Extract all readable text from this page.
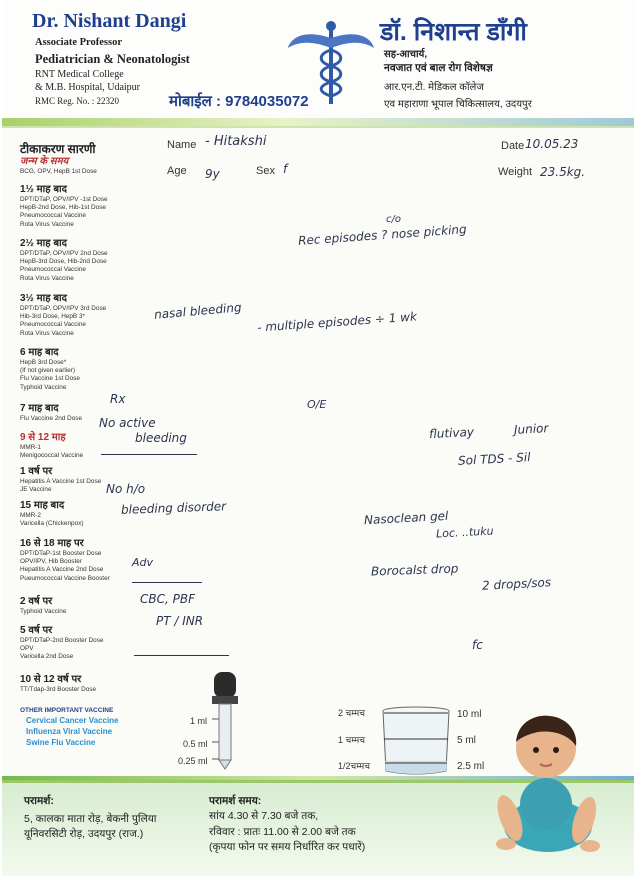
Dr. Nishant Dangi
Associate Professor
Pediatrician & Neonatologist
RNT Medical College
& M.B. Hospital, Udaipur
RMC Reg. No. : 22320	मोबाईल : 9784035072
डॉ. निशान्त डाँगी
सह-आचार्य,
नवजात एवं बाल रोग विशेषज्ञ
आर.एन.टी. मेडिकल कॉलेज
एव महाराणा भूपाल चिकित्सालय, उदयपुर
टीकाकरण सारणी
जन्म के समय
BCG, OPV, HepB 1st Dose
1½ माह बाद
DPT/DTaP, OPV/IPV -1st Dose
HepB-2nd Dose, Hib-1st Dose
Pneumococcal Vaccine
Rota Virus Vaccine
2½ माह बाद
DPT/DTaP, OPV/IPV 2nd Dose
HepB-3rd Dose, Hib-2nd Dose
Pneumococcal Vaccine
Rota Virus Vaccine
3½ माह बाद
DPT/DTaP, OPV/IPV 3rd Dose
Hib-3rd Dose, HepB 3*
Pneumococcal Vaccine
Rota Virus Vaccine
6 माह बाद
HepB 3rd Dose*
(If not given earlier)
Flu Vaccine 1st Dose
Typhoid Vaccine
7 माह बाद
Flu Vaccine 2nd Dose
9 से 12 माह
MMR-1
Menigococcal Vaccine
1 वर्ष पर
Hepatitis A Vaccine 1st Dose
JE Vaccine
15 माह बाद
MMR-2
Varicella (Chickenpox)
16 से 18 माह पर
DPT/DTaP-1st Booster Dose
OPV/IPV, Hib Booster
Hepatitis A Vaccine 2nd Dose
Pueumococcal Vaccine Booster
2 वर्ष पर
Typhoid Vaccine
5 वर्ष पर
DPT/DTaP-2nd Booster Dose
OPV
Varicella 2nd Dose
10 से 12 वर्ष पर
TT/Tdap-3rd Booster Dose
OTHER IMPORTANT VACCINE
Cervical Cancer Vaccine
Influenza Viral Vaccine
Swine Flu Vaccine
Name - Hitakshi
Age 9y	Sex f
Date 10.05.23
Weight 23.5kg.
c/o
Rec episodes ? nose picking
nasal bleeding - multiple episodes ÷ 1 wk
Rx	O/E
No active
bleeding	flutivay	Junior
Sol TDS - Sil
No h/o
bleeding disorder
Nasoclean gel
Loc. ..tuku
Adv	Borocalst drop
2 drops/sos
CBC, PBF
PT / INR
fc
1 ml
0.5 ml
0.25 ml
2 चम्मच
1 चम्मच
1/2चम्मच
10 ml
5 ml
2.5 ml
परामर्श:
5, कालका माता रोड़, बेकनी पुलिया
यूनिवरसिटी रोड़, उदयपुर (राज.)
परामर्श समय:
सांय 4.30 से 7.30 बजे तक,
रविवार : प्रातः 11.00 से 2.00 बजे तक
(कृपया फोन पर समय निर्धारित कर पधारें)
